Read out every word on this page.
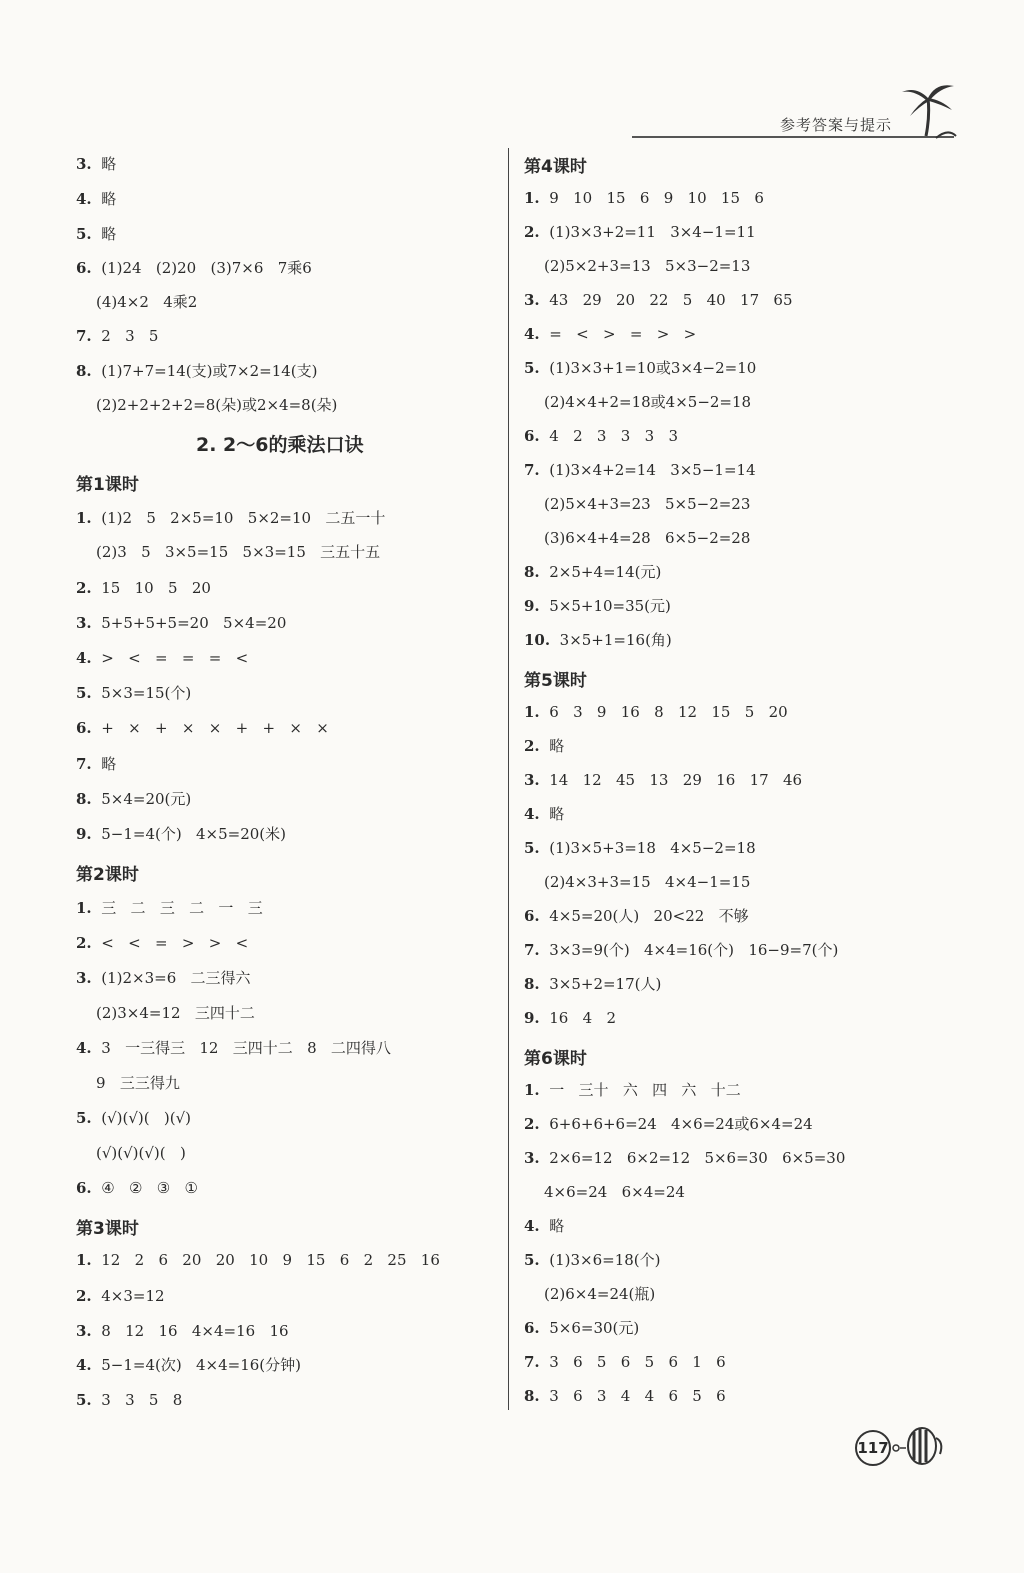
参考答案与提示
3. 略
4. 略
5. 略
6. (1)24   (2)20   (3)7×6   7乘6
(4)4×2   4乘2
7. 2   3   5
8. (1)7+7=14(支)或7×2=14(支)
(2)2+2+2+2=8(朵)或2×4=8(朵)
2. 2～6的乘法口诀
第1课时
1. (1)2   5   2×5=10   5×2=10   二五一十
(2)3   5   3×5=15   5×3=15   三五十五
2. 15   10   5   20
3. 5+5+5+5=20   5×4=20
4. >   <   =   =   =   <
5. 5×3=15(个)
6. +   ×   +   ×   ×   +   +   ×   ×
7. 略
8. 5×4=20(元)
9. 5−1=4(个)   4×5=20(米)
第2课时
1. 三   二   三   二   一   三
2. <   <   =   >   >   <
3. (1)2×3=6   二三得六
(2)3×4=12   三四十二
4. 3   一三得三   12   三四十二   8   二四得八
9   三三得九
5. (√)(√)(   )(√)
(√)(√)(√)(   )
6. ④   ②   ③   ①
第3课时
1. 12   2   6   20   20   10   9   15   6   2   25   16
2. 4×3=12
3. 8   12   16   4×4=16   16
4. 5−1=4(次)   4×4=16(分钟)
5. 3   3   5   8
第4课时
1. 9   10   15   6   9   10   15   6
2. (1)3×3+2=11   3×4−1=11
(2)5×2+3=13   5×3−2=13
3. 43   29   20   22   5   40   17   65
4. =   <   >   =   >   >
5. (1)3×3+1=10或3×4−2=10
(2)4×4+2=18或4×5−2=18
6. 4   2   3   3   3   3
7. (1)3×4+2=14   3×5−1=14
(2)5×4+3=23   5×5−2=23
(3)6×4+4=28   6×5−2=28
8. 2×5+4=14(元)
9. 5×5+10=35(元)
10. 3×5+1=16(角)
第5课时
1. 6   3   9   16   8   12   15   5   20
2. 略
3. 14   12   45   13   29   16   17   46
4. 略
5. (1)3×5+3=18   4×5−2=18
(2)4×3+3=15   4×4−1=15
6. 4×5=20(人)   20<22   不够
7. 3×3=9(个)   4×4=16(个)   16−9=7(个)
8. 3×5+2=17(人)
9. 16   4   2
第6课时
1. 一   三十   六   四   六   十二
2. 6+6+6+6=24   4×6=24或6×4=24
3. 2×6=12   6×2=12   5×6=30   6×5=30
4×6=24   6×4=24
4. 略
5. (1)3×6=18(个)
(2)6×4=24(瓶)
6. 5×6=30(元)
7. 3   6   5   6   5   6   1   6
8. 3   6   3   4   4   6   5   6
117
